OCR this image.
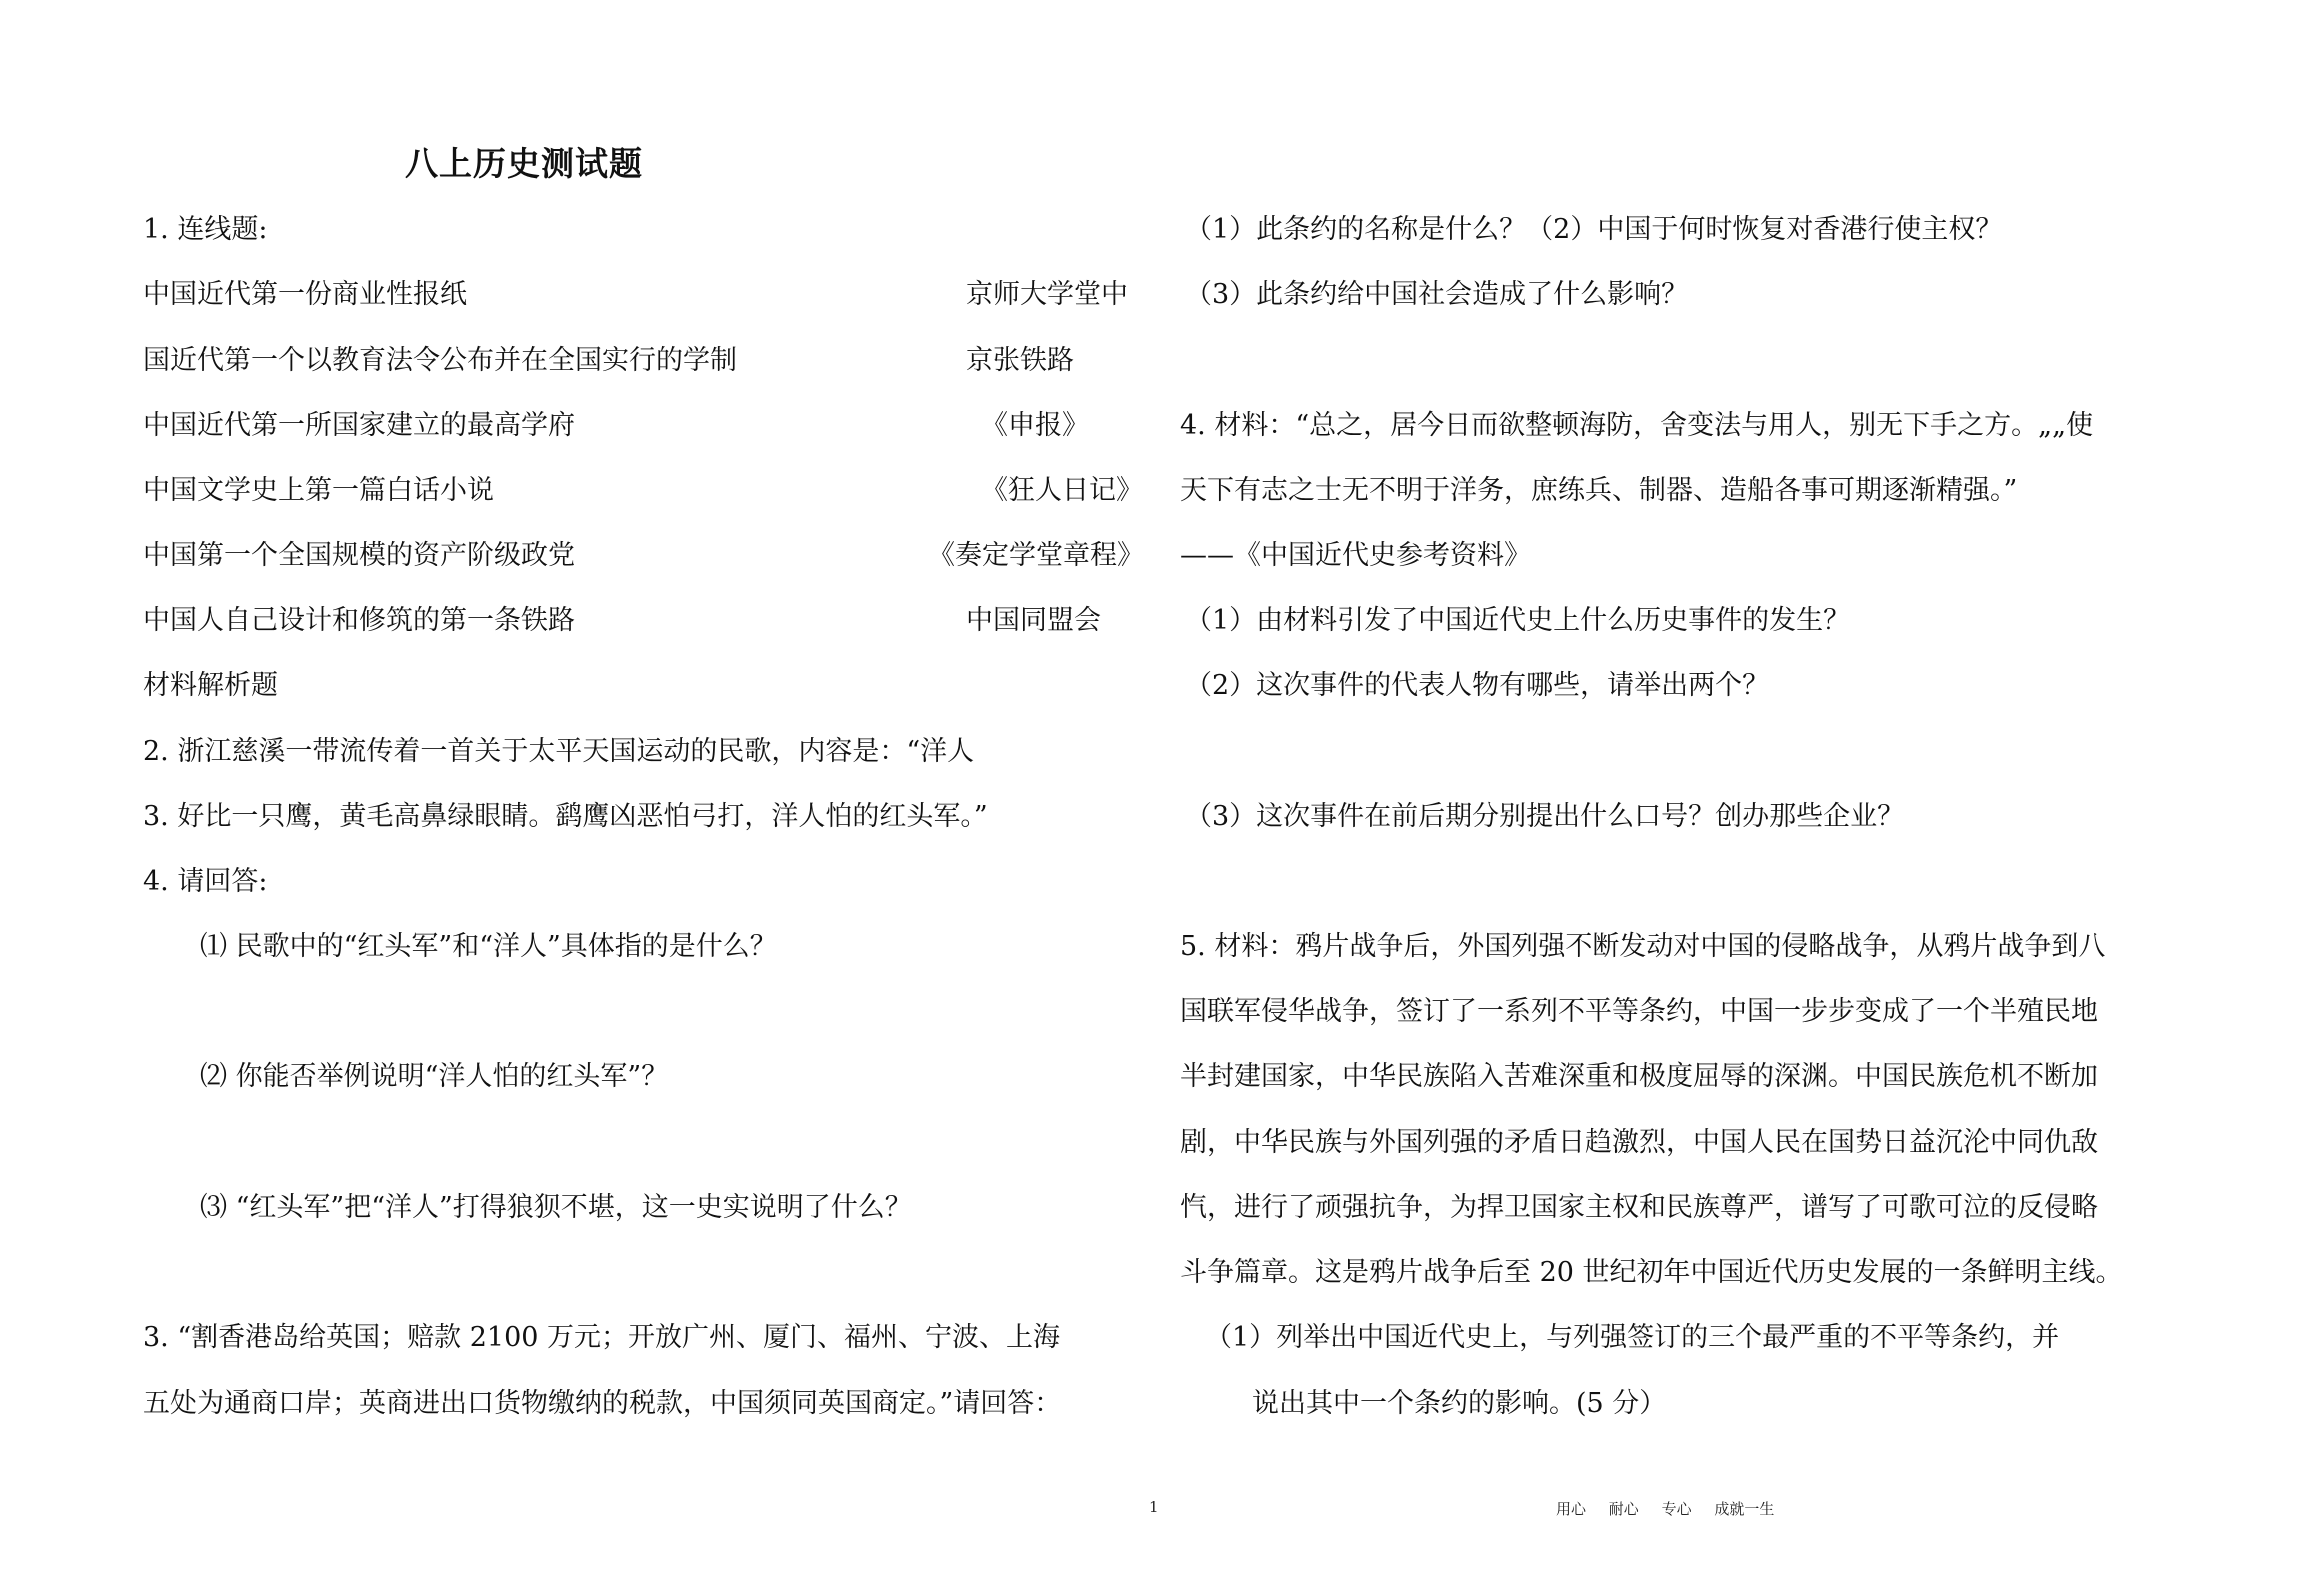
八上历史测试题
1. 连线题:
中国近代第一份商业性报纸
国近代第一个以教育法令公布并在全国实行的学制
中国近代第一所国家建立的最高学府
中国文学史上第一篇白话小说
中国第一个全国规模的资产阶级政党
中国人自己设计和修筑的第一条铁路
京师大学堂中
京张铁路
《申报》
《狂人日记》
《奏定学堂章程》
中国同盟会
材料解析题
2. 浙江慈溪一带流传着一首关于太平天国运动的民歌，内容是：“洋人
3. 好比一只鹰，黄毛高鼻绿眼睛。鹞鹰凶恶怕弓打，洋人怕的红头军。”
4. 请回答:
⑴ 民歌中的“红头军”和“洋人”具体指的是什么？
⑵ 你能否举例说明“洋人怕的红头军”？
⑶ “红头军”把“洋人”打得狼狈不堪，这一史实说明了什么？
3. “割香港岛给英国；赔款 2100 万元；开放广州、厦门、福州、宁波、上海
五处为通商口岸；英商进出口货物缴纳的税款，中国须同英国商定。”请回答：
（1）此条约的名称是什么？（2）中国于何时恢复对香港行使主权？
（3）此条约给中国社会造成了什么影响？
4. 材料：“总之，居今日而欲整顿海防，舍变法与用人，别无下手之方。„„使
天下有志之士无不明于洋务，庶练兵、制器、造船各事可期逐渐精强。”
——《中国近代史参考资料》
（1）由材料引发了中国近代史上什么历史事件的发生？
（2）这次事件的代表人物有哪些，请举出两个？
（3）这次事件在前后期分别提出什么口号？创办那些企业？
5. 材料：鸦片战争后，外国列强不断发动对中国的侵略战争，从鸦片战争到八
国联军侵华战争，签订了一系列不平等条约，中国一步步变成了一个半殖民地
半封建国家，中华民族陷入苦难深重和极度屈辱的深渊。中国民族危机不断加
剧，中华民族与外国列强的矛盾日趋激烈，中国人民在国势日益沉沦中同仇敌
忾，进行了顽强抗争，为捍卫国家主权和民族尊严，谱写了可歌可泣的反侵略
斗争篇章。这是鸦片战争后至 20 世纪初年中国近代历史发展的一条鲜明主线。
（1）列举出中国近代史上，与列强签订的三个最严重的不平等条约，并
说出其中一个条约的影响。(5 分）
1	用心 耐心 专心 成就一生
